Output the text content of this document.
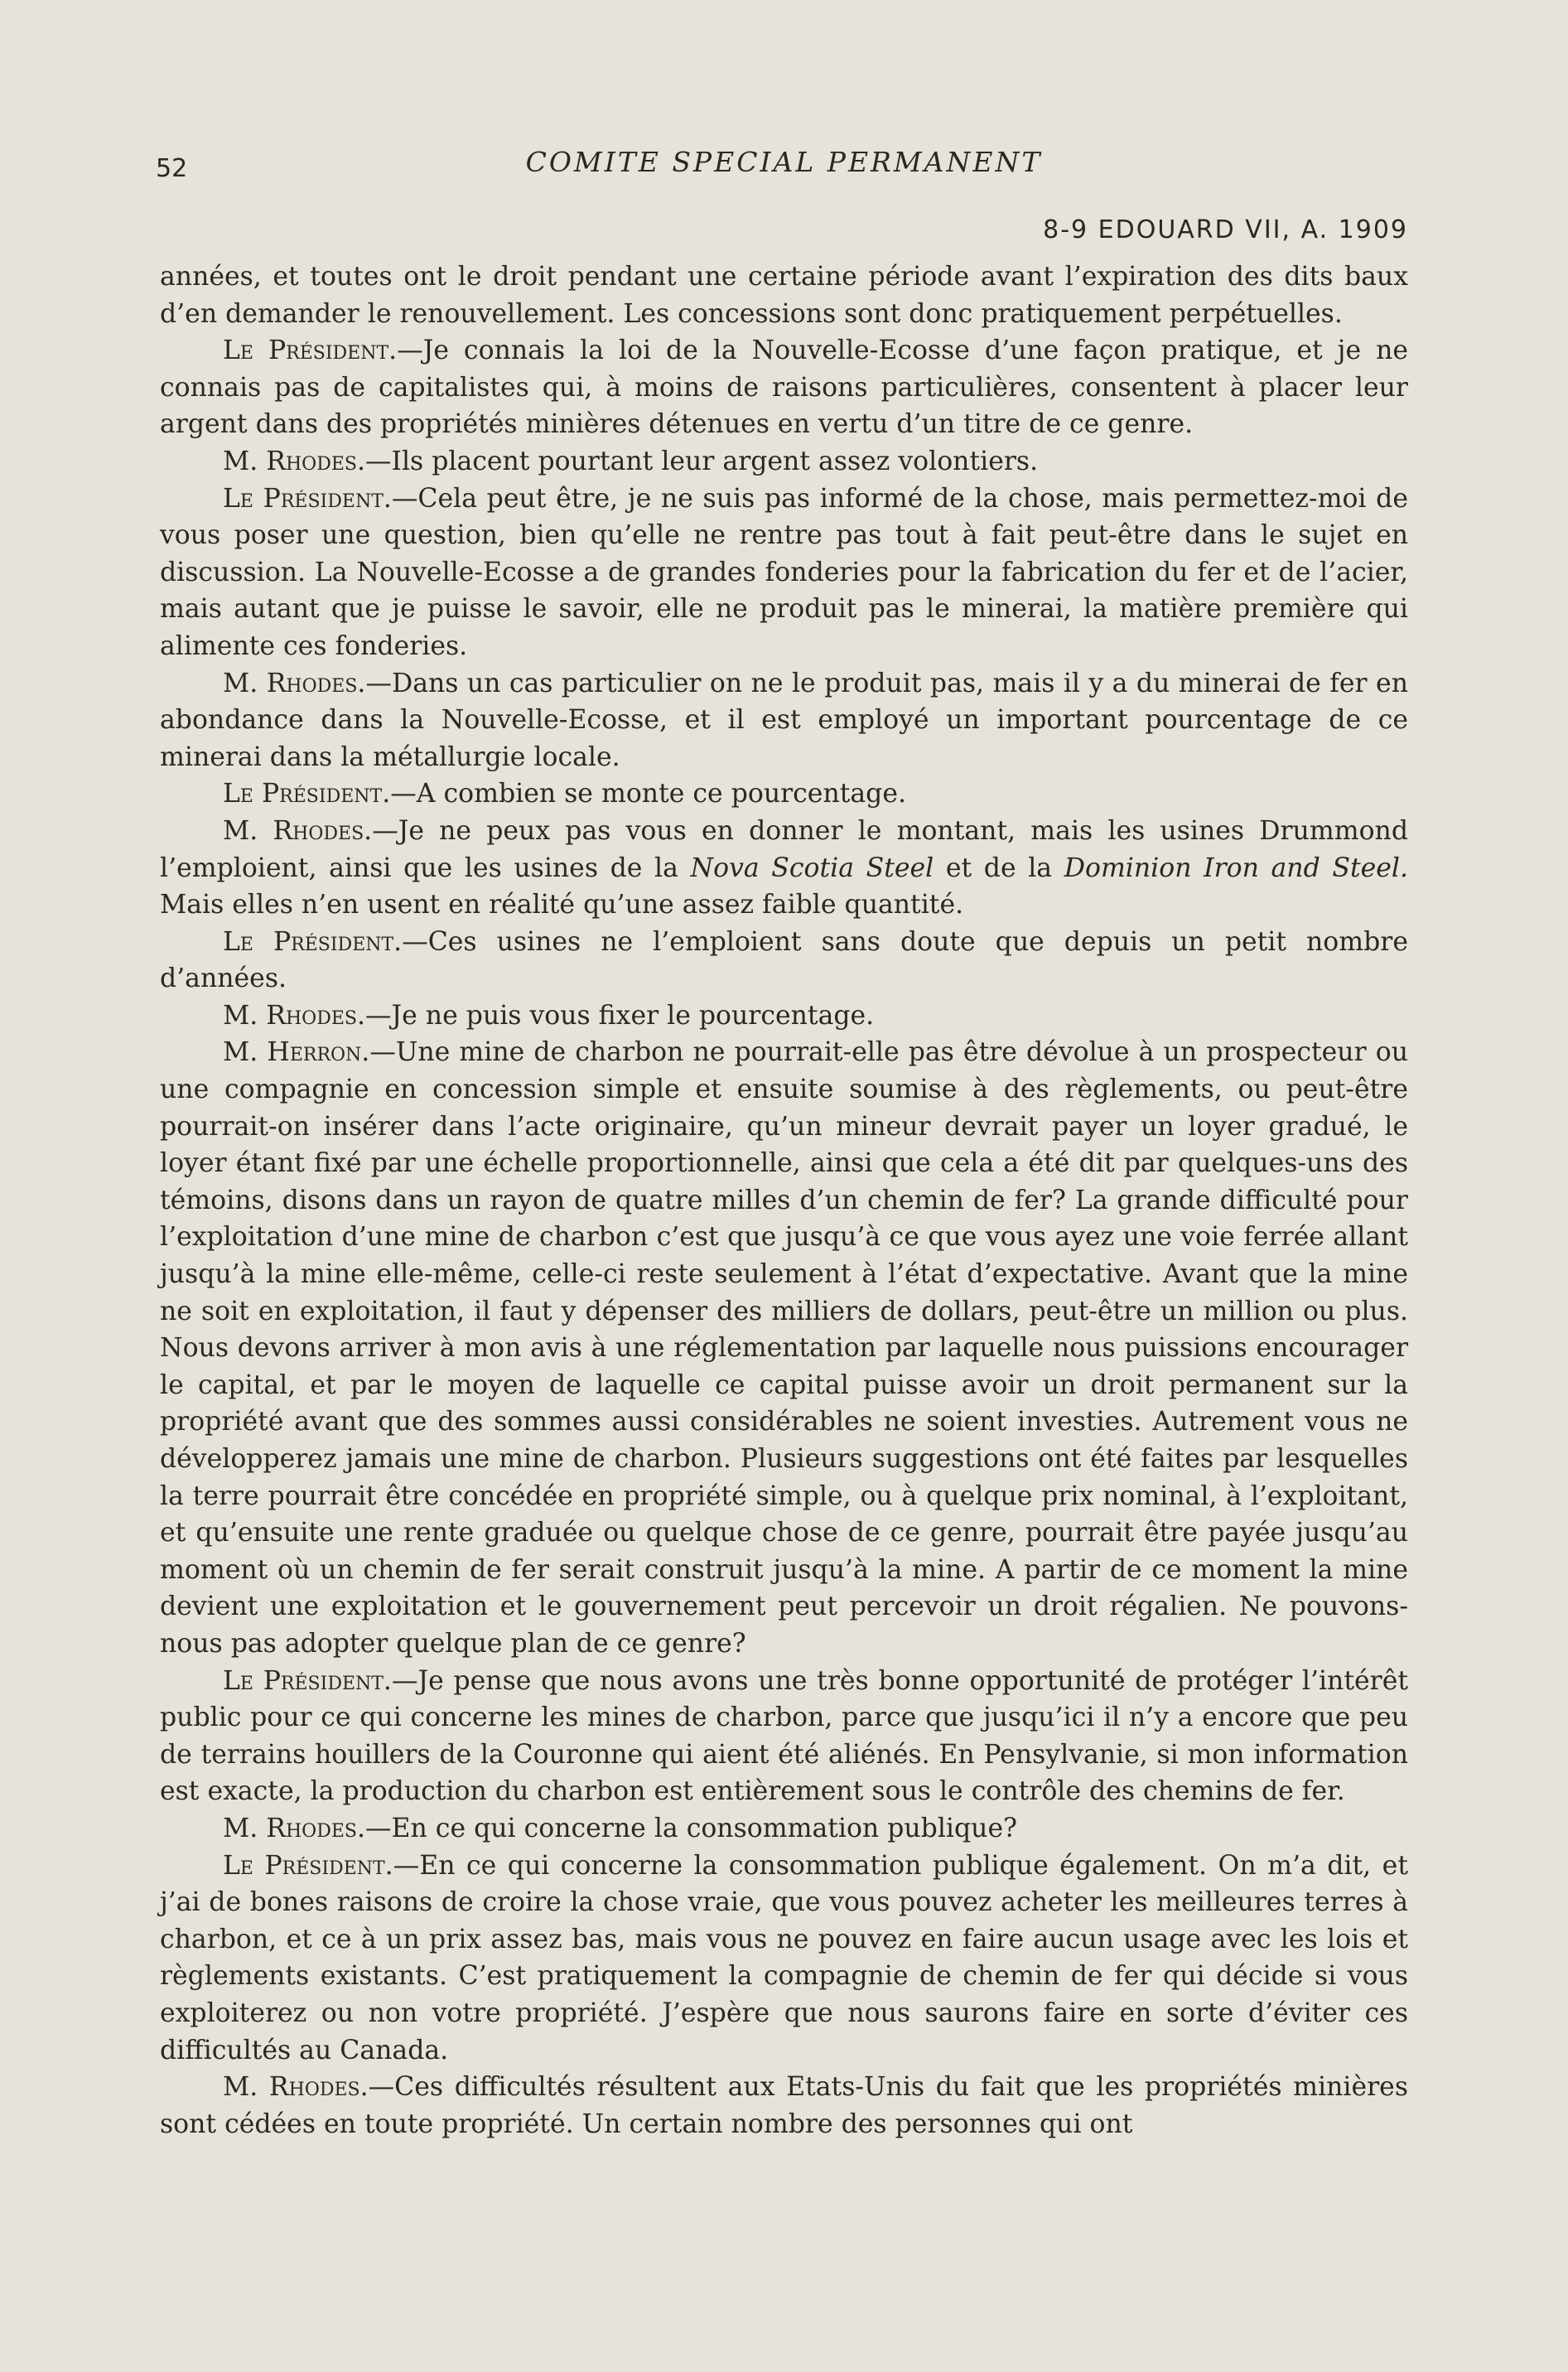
52	COMITE SPECIAL PERMANENT
8-9 EDOUARD VII, A. 1909

années, et toutes ont le droit pendant une certaine période avant l’expiration des dits baux d’en demander le renouvellement. Les concessions sont donc pratiquement perpétuelles.

Le Président.—Je connais la loi de la Nouvelle-Ecosse d’une façon pratique, et je ne connais pas de capitalistes qui, à moins de raisons particulières, consentent à placer leur argent dans des propriétés minières détenues en vertu d’un titre de ce genre.

M. Rhodes.—Ils placent pourtant leur argent assez volontiers.

Le Président.—Cela peut être, je ne suis pas informé de la chose, mais permettez-moi de vous poser une question, bien qu’elle ne rentre pas tout à fait peut-être dans le sujet en discussion. La Nouvelle-Ecosse a de grandes fonderies pour la fabrication du fer et de l’acier, mais autant que je puisse le savoir, elle ne produit pas le minerai, la matière première qui alimente ces fonderies.

M. Rhodes.—Dans un cas particulier on ne le produit pas, mais il y a du minerai de fer en abondance dans la Nouvelle-Ecosse, et il est employé un important pourcentage de ce minerai dans la métallurgie locale.

Le Président.—A combien se monte ce pourcentage.

M. Rhodes.—Je ne peux pas vous en donner le montant, mais les usines Drummond l’emploient, ainsi que les usines de la Nova Scotia Steel et de la Dominion Iron and Steel. Mais elles n’en usent en réalité qu’une assez faible quantité.

Le Président.—Ces usines ne l’emploient sans doute que depuis un petit nombre d’années.

M. Rhodes.—Je ne puis vous fixer le pourcentage.

M. Herron.—Une mine de charbon ne pourrait-elle pas être dévolue à un prospecteur ou une compagnie en concession simple et ensuite soumise à des règlements, ou peut-être pourrait-on insérer dans l’acte originaire, qu’un mineur devrait payer un loyer gradué, le loyer étant fixé par une échelle proportionnelle, ainsi que cela a été dit par quelques-uns des témoins, disons dans un rayon de quatre milles d’un chemin de fer? La grande difficulté pour l’exploitation d’une mine de charbon c’est que jusqu’à ce que vous ayez une voie ferrée allant jusqu’à la mine elle-même, celle-ci reste seulement à l’état d’expectative. Avant que la mine ne soit en exploitation, il faut y dépenser des milliers de dollars, peut-être un million ou plus. Nous devons arriver à mon avis à une réglementation par laquelle nous puissions encourager le capital, et par le moyen de laquelle ce capital puisse avoir un droit permanent sur la propriété avant que des sommes aussi considérables ne soient investies. Autrement vous ne développerez jamais une mine de charbon. Plusieurs suggestions ont été faites par lesquelles la terre pourrait être concédée en propriété simple, ou à quelque prix nominal, à l’exploitant, et qu’ensuite une rente graduée ou quelque chose de ce genre, pourrait être payée jusqu’au moment où un chemin de fer serait construit jusqu’à la mine. A partir de ce moment la mine devient une exploitation et le gouvernement peut percevoir un droit régalien. Ne pouvons-nous pas adopter quelque plan de ce genre?

Le Président.—Je pense que nous avons une très bonne opportunité de protéger l’intérêt public pour ce qui concerne les mines de charbon, parce que jusqu’ici il n’y a encore que peu de terrains houillers de la Couronne qui aient été aliénés. En Pensylvanie, si mon information est exacte, la production du charbon est entièrement sous le contrôle des chemins de fer.

M. Rhodes.—En ce qui concerne la consommation publique?

Le Président.—En ce qui concerne la consommation publique également. On m’a dit, et j’ai de bones raisons de croire la chose vraie, que vous pouvez acheter les meilleures terres à charbon, et ce à un prix assez bas, mais vous ne pouvez en faire aucun usage avec les lois et règlements existants. C’est pratiquement la compagnie de chemin de fer qui décide si vous exploiterez ou non votre propriété. J’espère que nous saurons faire en sorte d’éviter ces difficultés au Canada.

M. Rhodes.—Ces difficultés résultent aux Etats-Unis du fait que les propriétés minières sont cédées en toute propriété. Un certain nombre des personnes qui ont
